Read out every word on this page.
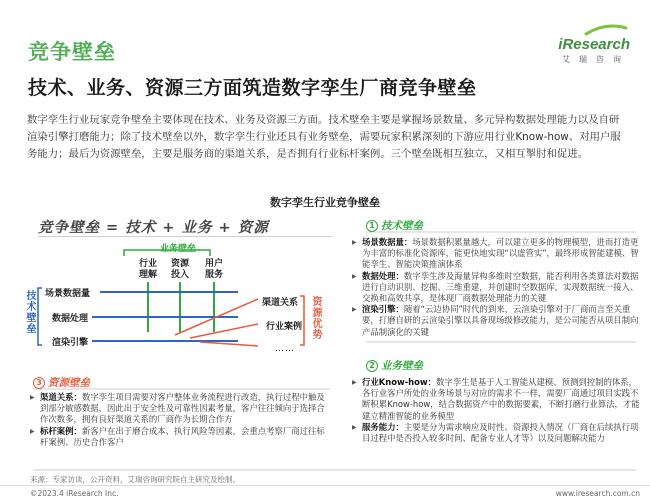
竞争壁垒	iResearch
艾瑞咨询
技术、业务、资源三方面筑造数字孪生厂商竞争壁垒
数字孪生行业玩家竞争壁垒主要体现在技术、业务及资源三方面。技术壁垒主要是掌握场景数量、多元异构数据处理能力以及自研渲染引擎打磨能力；除了技术壁垒以外，数字孪生行业还具有业务壁垒，需要玩家积累深刻的下游应用行业Know-how、对用户服务能力；最后为资源壁垒，主要是服务商的渠道关系，是否拥有行业标杆案例。三个壁垒既相互独立，又相互掣肘和促进。
数字孪生行业竞争壁垒
竞争壁垒 = 技术 + 业务 + 资源
业务壁垒
行业理解
资源投入
用户服务
技术壁垒 场景数据量
数据处理
渲染引擎
渠道关系
行业案例
……
资源优势
1 技术壁垒
▶ 场景数据量：场景数据积累量越大，可以建立更多的物理模型，进而打造更为丰富的标准化资源库，能更快地实现“以虚管实”，最终形成智能建模、智能孪生、智能决策推演体系
▶ 数据处理：数字孪生涉及海量异构多维时空数据，能否利用各类算法对数据进行自动识别、挖掘、三维重建，并创建时空数据库，实现数据统一接入、交换和高效共享，是体现厂商数据处理能力的关键
▶ 渲染引擎：随着“云边协同”时代的到来，云渲染引擎对于厂商而言至关重要，打磨自研的云渲染引擎以具备现场级修改能力，是公司能否从项目制向产品制演化的关键
2 业务壁垒
▶ 行业Know-how：数字孪生是基于人工智能从建模、预测到控制的体系，各行业客户所处的业务场景与对应的需求不一样，需要厂商通过项目实践不断积累Know-how，结合数据资产中的数据要素，不断打磨行业算法，才能建立精准智能的业务模型
▶ 服务能力：主要是分为需求响应及时性、资源投入情况（厂商在后续执行项目过程中是否投入较多时间、配备专业人才等）以及问题解决能力
3 资源壁垒
▶ 渠道关系：数字孪生项目需要对客户整体业务流程进行改造，执行过程中触及到部分敏感数据，因此出于安全性及可靠性因素考量，客户往往倾向于选择合作次数多，拥有良好渠道关系的厂商作为长期合作方
▶ 标杆案例：新客户在出于磨合成本、执行风险等因素，会重点考察厂商过往标杆案例、历史合作客户
来源：专家访谈，公开资料，艾瑞咨询研究院自主研究及绘制。
©2023.4 iResearch Inc.	www.iresearch.com.cn
